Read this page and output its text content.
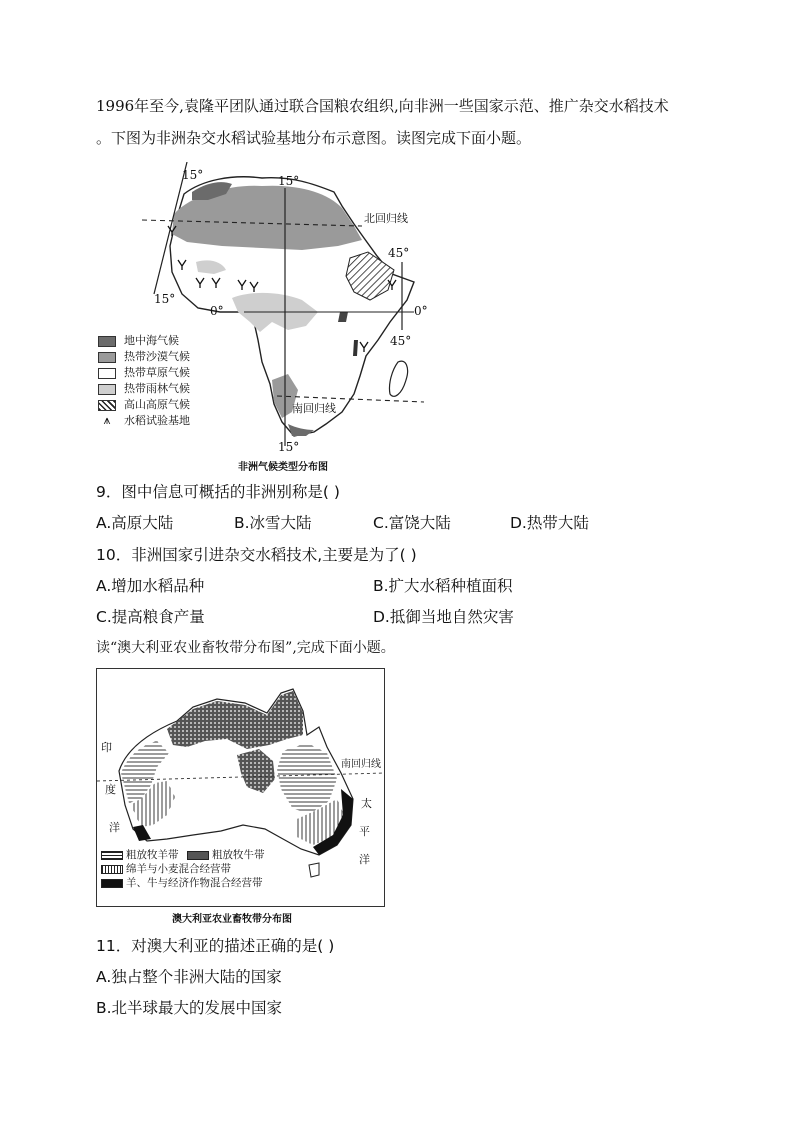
1996年至今,袁隆平团队通过联合国粮农组织,向非洲一些国家示范、推广杂交水稻技术
。下图为非洲杂交水稻试验基地分布示意图。读图完成下面小题。
15°	15°
15°
15°
45°
45°
0°	0°
北回归线
南回归线
地中海气候
热带沙漠气候
热带草原气候
热带雨林气候
高山高原气候
⩚ 水稻试验基地
非洲气候类型分布图
9．图中信息可概括的非洲别称是( )
A.高原大陆	B.冰雪大陆	C.富饶大陆	D.热带大陆
10．非洲国家引进杂交水稻技术,主要是为了( )
A.增加水稻品种	B.扩大水稻种植面积
C.提高粮食产量	D.抵御当地自然灾害
读“澳大利亚农业畜牧带分布图”,完成下面小题。
印
度
洋
南回归线
太
平
洋
粗放牧羊带	粗放牧牛带
绵羊与小麦混合经营带
羊、牛与经济作物混合经营带
澳大利亚农业畜牧带分布图
11．对澳大利亚的描述正确的是( )
A.独占整个非洲大陆的国家
B.北半球最大的发展中国家
